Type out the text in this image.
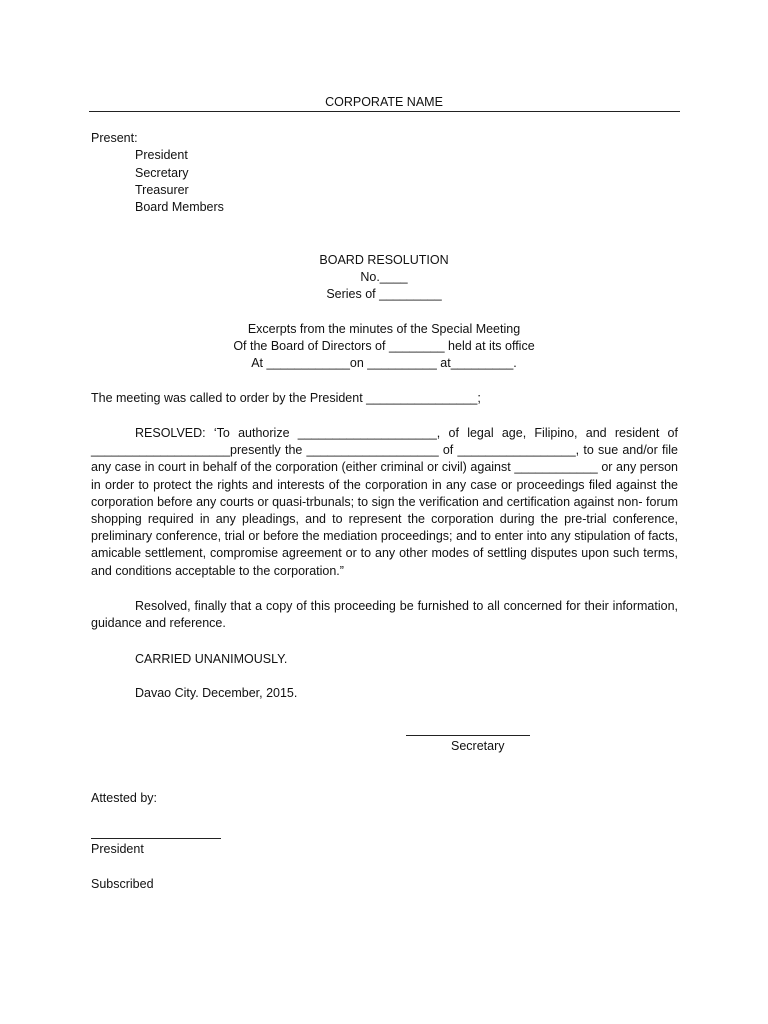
CORPORATE NAME
Present:
President
Secretary
Treasurer
Board Members
BOARD RESOLUTION
No.____
Series of _________
Excerpts from the minutes of the Special Meeting
Of the Board of Directors of ________ held at its office
At ____________on __________ at_________.
The meeting was called to order by the President ________________;
RESOLVED: ‘To authorize ____________________, of legal age, Filipino, and resident of ____________________presently the ___________________ of _________________, to sue and/or file any case in court in behalf of the corporation (either criminal or civil) against ____________ or any person in order to protect the rights and interests of the corporation in any case or proceedings filed against the corporation before any courts or quasi-trbunals; to sign the verification and certification against non- forum shopping required in any pleadings, and to represent the corporation during the pre-trial conference, preliminary conference, trial or before the mediation proceedings; and to enter into any stipulation of facts, amicable settlement, compromise agreement or to any other modes of settling disputes upon such terms, and conditions acceptable to the corporation.”
Resolved, finally that a copy of this proceeding be furnished to all concerned for their information, guidance and reference.
CARRIED UNANIMOUSLY.
Davao City. December, 2015.
Secretary
Attested by:
President
Subscribed
